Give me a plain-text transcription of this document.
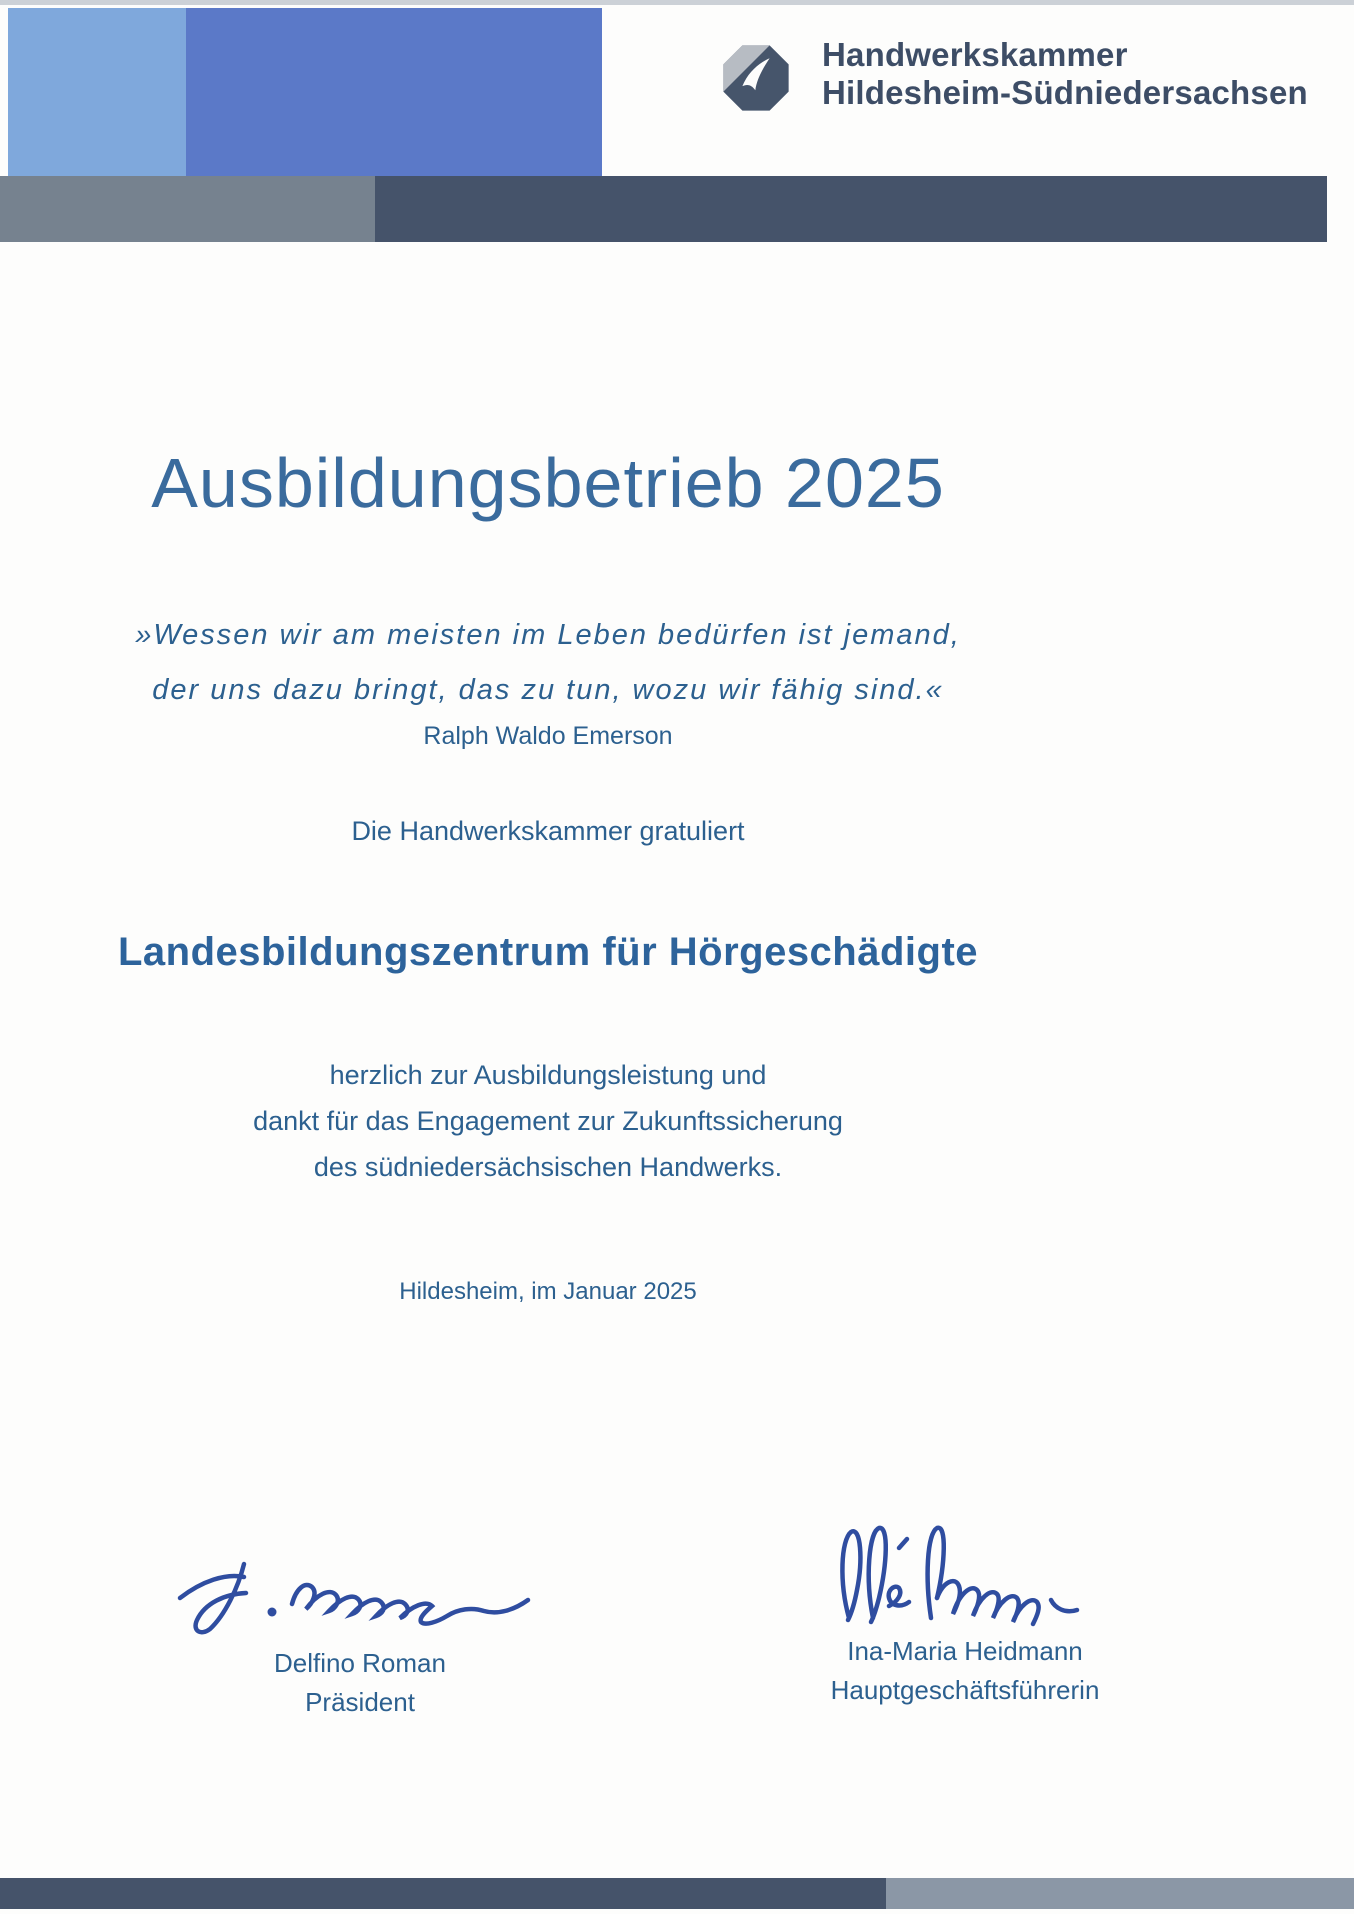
Handwerkskammer
Hildesheim-Südniedersachsen
Ausbildungsbetrieb 2025
»Wessen wir am meisten im Leben bedürfen ist jemand,
der uns dazu bringt, das zu tun, wozu wir fähig sind.«
Ralph Waldo Emerson
Die Handwerkskammer gratuliert
Landesbildungszentrum für Hörgeschädigte
herzlich zur Ausbildungsleistung und
dankt für das Engagement zur Zukunftssicherung
des südniedersächsischen Handwerks.
Hildesheim, im Januar 2025
Delfino Roman
Präsident
Ina-Maria Heidmann
Hauptgeschäftsführerin
